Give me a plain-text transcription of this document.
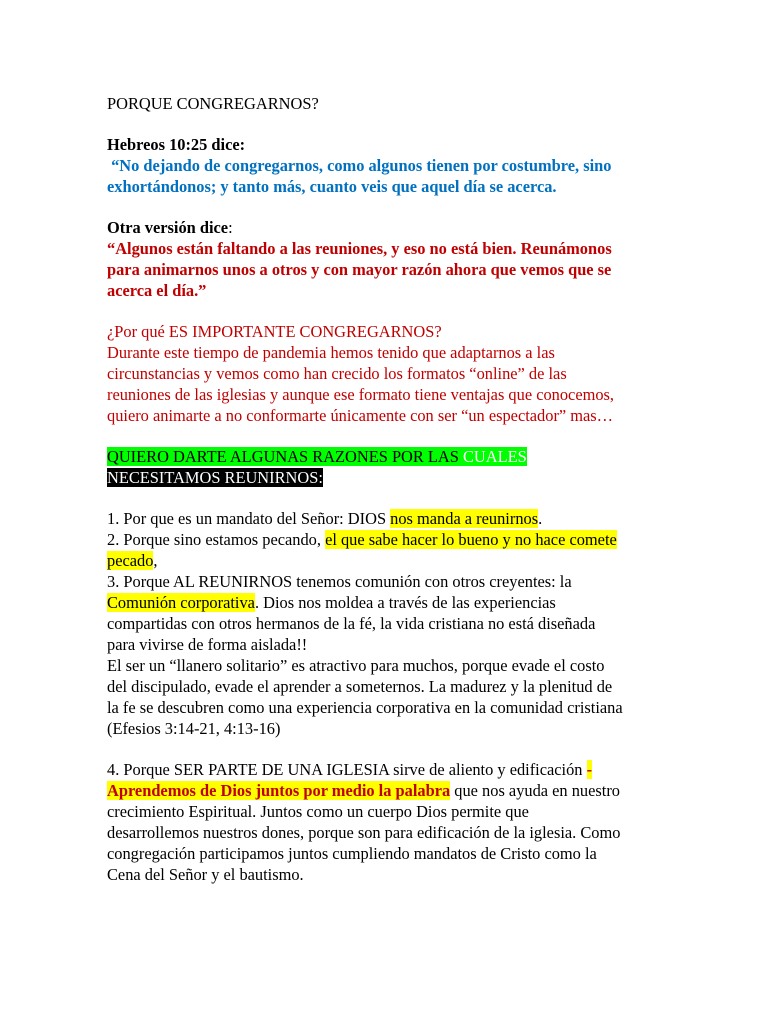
PORQUE CONGREGARNOS?
Hebreos 10:25 dice:
“No dejando de congregarnos, como algunos tienen por costumbre, sino
exhortándonos; y tanto más, cuanto veis que aquel día se acerca.
Otra versión dice:
“Algunos están faltando a las reuniones, y eso no está bien. Reunámonos
para animarnos unos a otros y con mayor razón ahora que vemos que se
acerca el día.”
¿Por qué ES IMPORTANTE CONGREGARNOS?
Durante este tiempo de pandemia hemos tenido que adaptarnos a las
circunstancias y vemos como han crecido los formatos “online” de las
reuniones de las iglesias y aunque ese formato tiene ventajas que conocemos,
quiero animarte a no conformarte únicamente con ser “un espectador” mas…
QUIERO DARTE ALGUNAS RAZONES POR LAS CUALES
NECESITAMOS REUNIRNOS:
1. Por que es un mandato del Señor: DIOS nos manda a reunirnos.
2. Porque sino estamos pecando, el que sabe hacer lo bueno y no hace comete
pecado,
3. Porque AL REUNIRNOS tenemos comunión con otros creyentes: la
Comunión corporativa. Dios nos moldea a través de las experiencias
compartidas con otros hermanos de la fé, la vida cristiana no está diseñada
para vivirse de forma aislada!!
El ser un “llanero solitario” es atractivo para muchos, porque evade el costo
del discipulado, evade el aprender a someternos. La madurez y la plenitud de
la fe se descubren como una experiencia corporativa en la comunidad cristiana
(Efesios 3:14-21, 4:13-16)
4. Porque SER PARTE DE UNA IGLESIA sirve de aliento y edificación -
Aprendemos de Dios juntos por medio la palabra que nos ayuda en nuestro
crecimiento Espiritual. Juntos como un cuerpo Dios permite que
desarrollemos nuestros dones, porque son para edificación de la iglesia. Como
congregación participamos juntos cumpliendo mandatos de Cristo como la
Cena del Señor y el bautismo.
